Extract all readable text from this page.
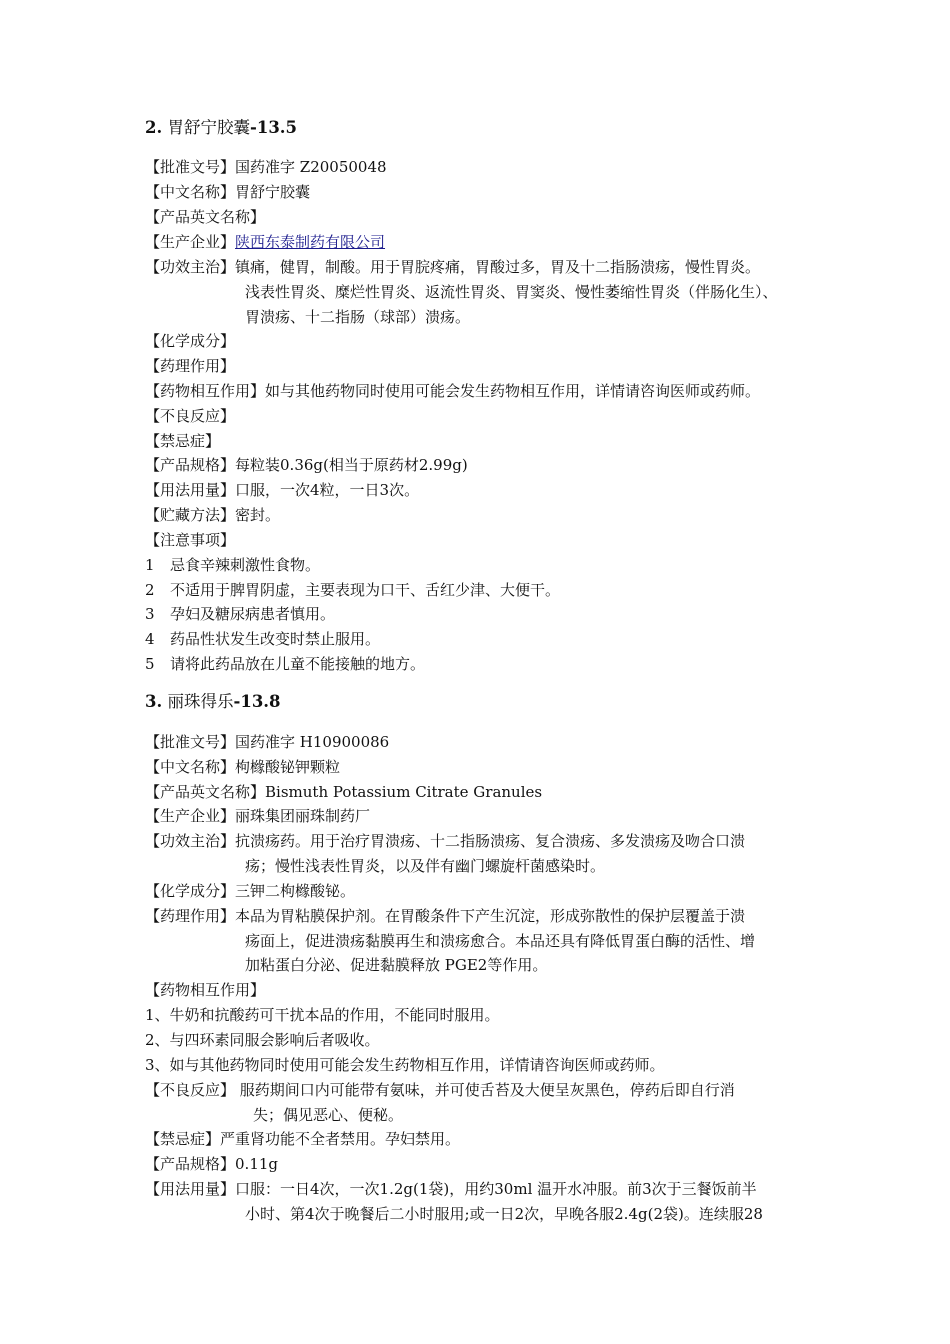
2. 胃舒宁胶囊-13.5
【批准文号】国药准字 Z20050048
【中文名称】胃舒宁胶囊
【产品英文名称】
【生产企业】陕西东泰制药有限公司
【功效主治】镇痛，健胃，制酸。用于胃脘疼痛，胃酸过多，胃及十二指肠溃疡，慢性胃炎。
浅表性胃炎、糜烂性胃炎、返流性胃炎、胃窦炎、慢性萎缩性胃炎（伴肠化生）、
胃溃疡、十二指肠（球部）溃疡。
【化学成分】
【药理作用】
【药物相互作用】如与其他药物同时使用可能会发生药物相互作用，详情请咨询医师或药师。
【不良反应】
【禁忌症】
【产品规格】每粒装0.36g(相当于原药材2.99g)
【用法用量】口服，一次4粒，一日3次。
【贮藏方法】密封。
【注意事项】
1 忌食辛辣刺激性食物。
2 不适用于脾胃阴虚，主要表现为口干、舌红少津、大便干。
3 孕妇及糖尿病患者慎用。
4 药品性状发生改变时禁止服用。
5 请将此药品放在儿童不能接触的地方。
3. 丽珠得乐-13.8
【批准文号】国药准字 H10900086
【中文名称】枸橼酸铋钾颗粒
【产品英文名称】Bismuth Potassium Citrate Granules
【生产企业】丽珠集团丽珠制药厂
【功效主治】抗溃疡药。用于治疗胃溃疡、十二指肠溃疡、复合溃疡、多发溃疡及吻合口溃
疡；慢性浅表性胃炎，以及伴有幽门螺旋杆菌感染时。
【化学成分】三钾二枸橼酸铋。
【药理作用】本品为胃粘膜保护剂。在胃酸条件下产生沉淀，形成弥散性的保护层覆盖于溃
疡面上，促进溃疡黏膜再生和溃疡愈合。本品还具有降低胃蛋白酶的活性、增
加粘蛋白分泌、促进黏膜释放 PGE2等作用。
【药物相互作用】
1、牛奶和抗酸药可干扰本品的作用，不能同时服用。
2、与四环素同服会影响后者吸收。
3、如与其他药物同时使用可能会发生药物相互作用，详情请咨询医师或药师。
【不良反应】 服药期间口内可能带有氨味，并可使舌苔及大便呈灰黑色，停药后即自行消
失；偶见恶心、便秘。
【禁忌症】严重肾功能不全者禁用。孕妇禁用。
【产品规格】0.11g
【用法用量】口服：一日4次，一次1.2g(1袋)，用约30ml 温开水冲服。前3次于三餐饭前半
小时、第4次于晚餐后二小时服用;或一日2次，早晚各服2.4g(2袋)。连续服28
